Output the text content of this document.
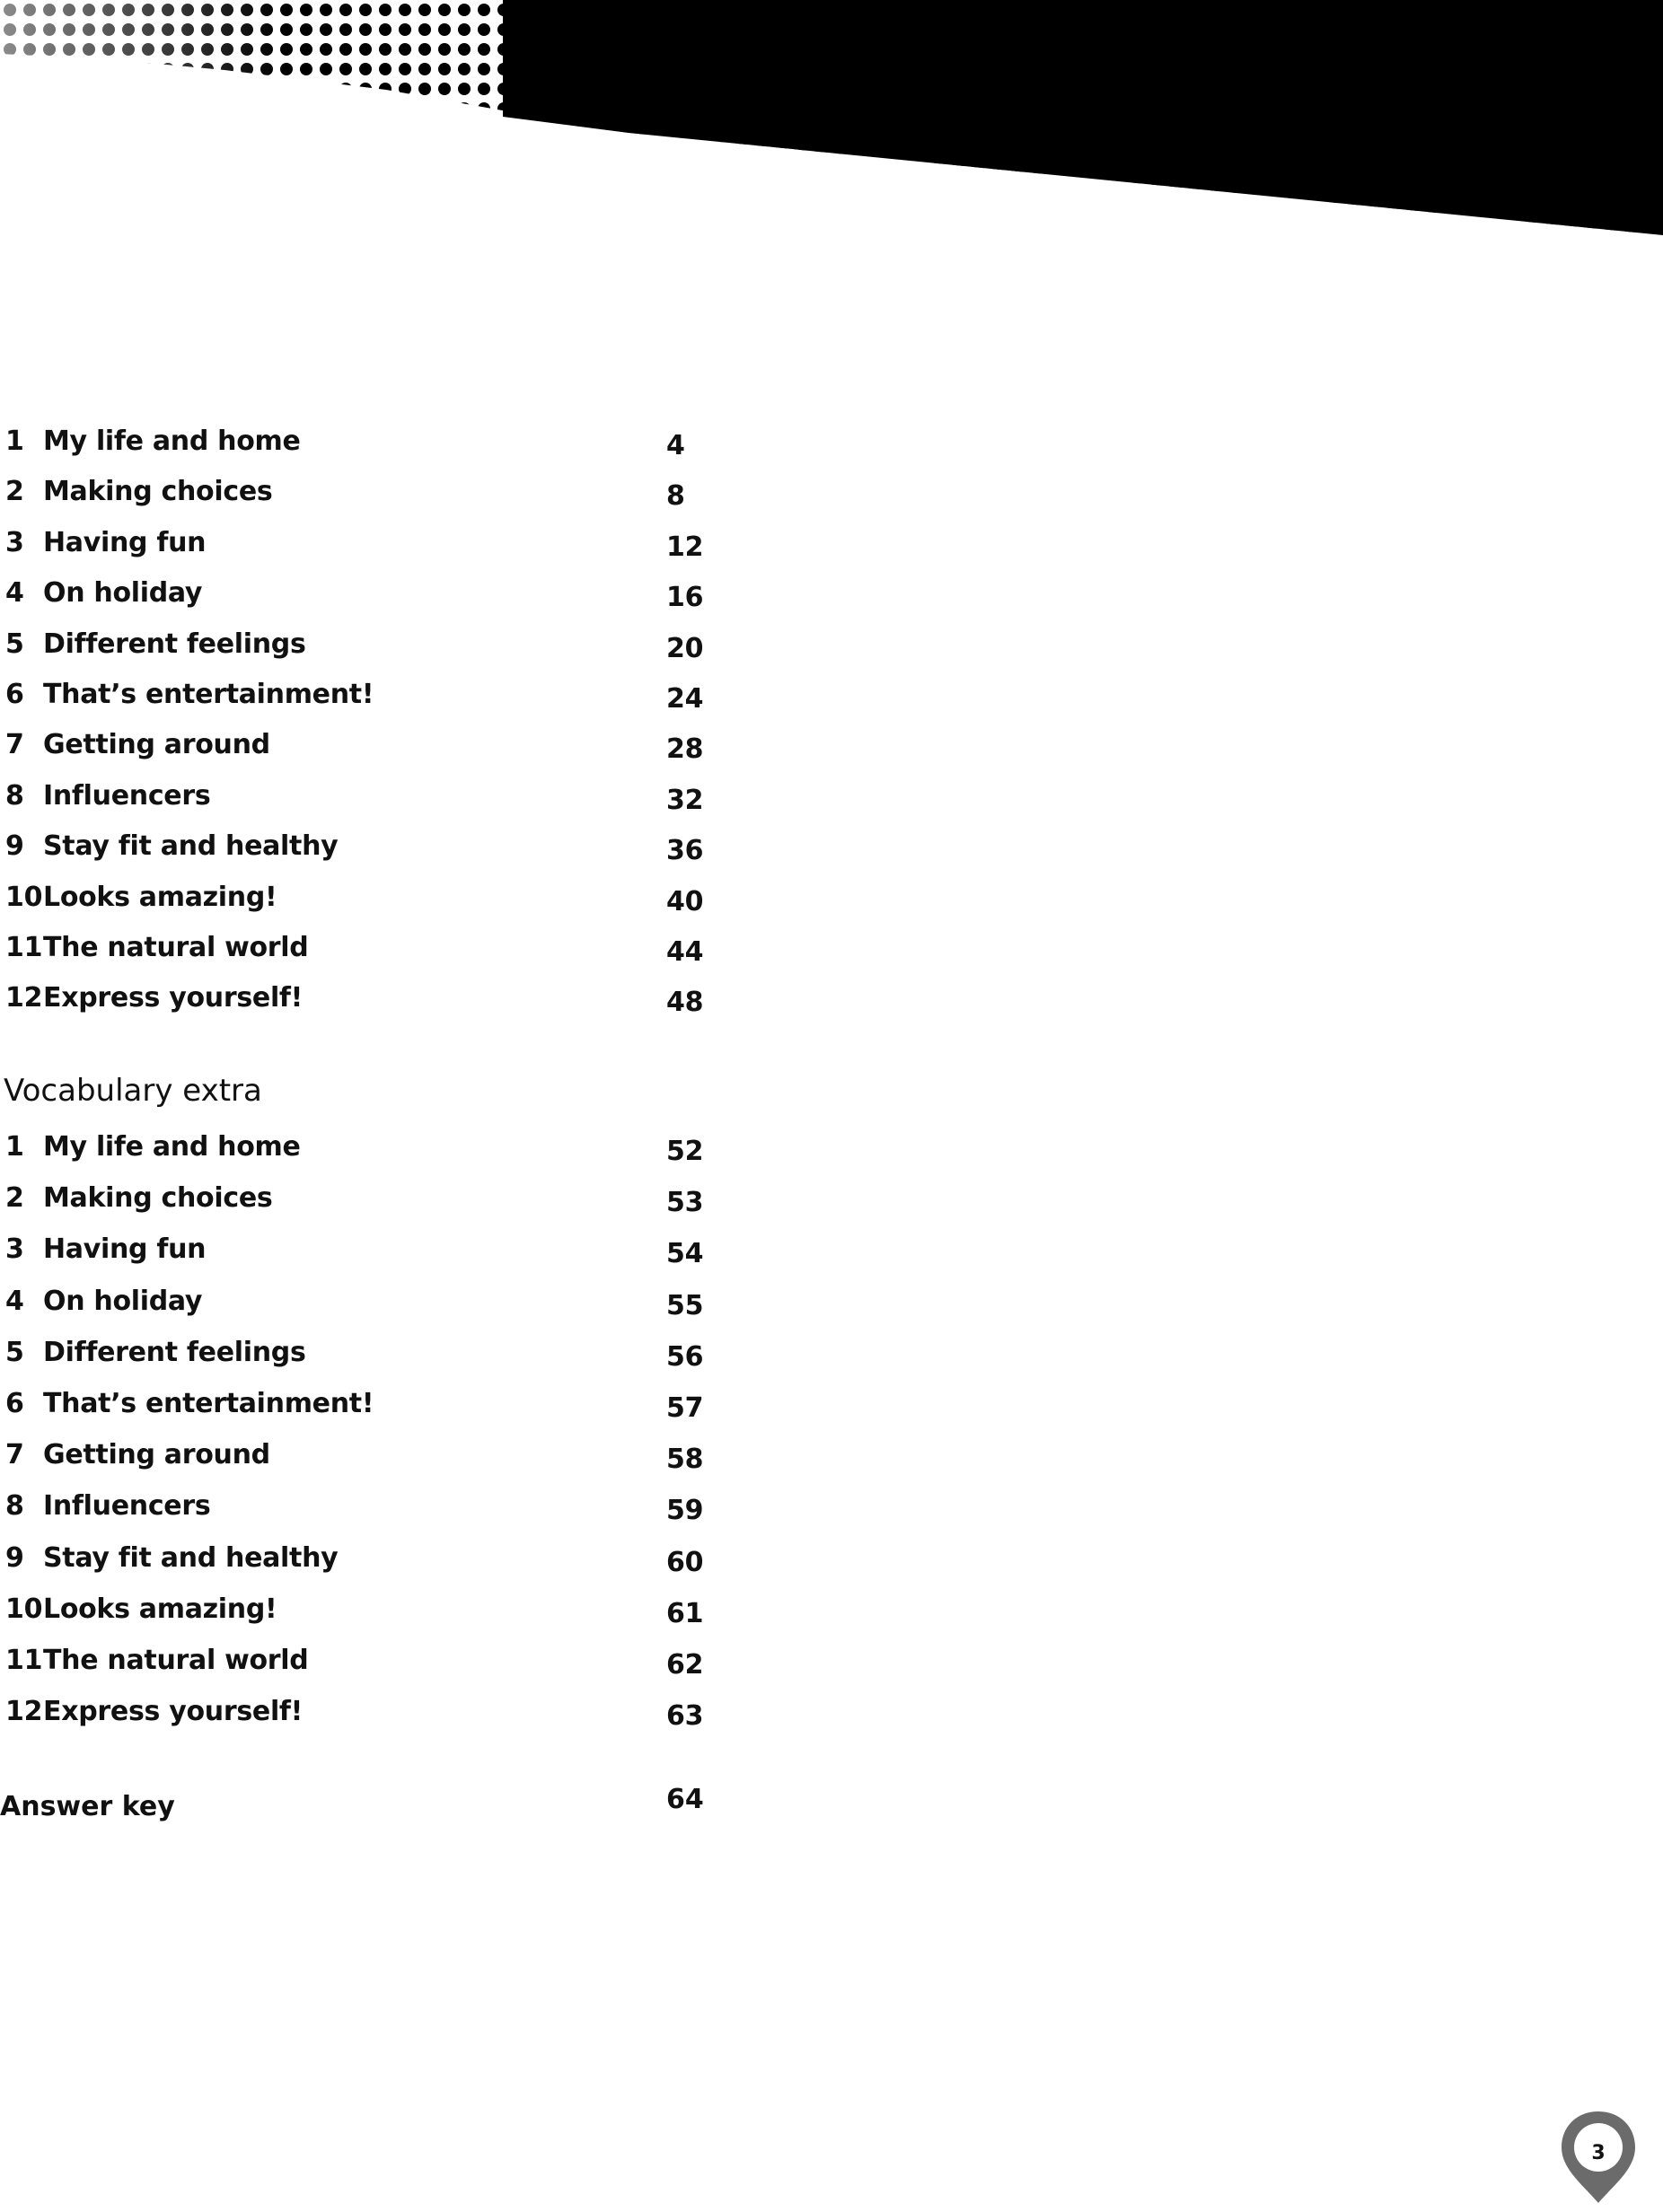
1 My life and home	4
2 Making choices	8
3 Having fun	12
4 On holiday	16
5 Different feelings	20
6 That’s entertainment!	24
7 Getting around	28
8 Influencers	32
9 Stay fit and healthy	36
10 Looks amazing!	40
11 The natural world	44
12 Express yourself!	48
Vocabulary extra
1 My life and home	52
2 Making choices	53
3 Having fun	54
4 On holiday	55
5 Different feelings	56
6 That’s entertainment!	57
7 Getting around	58
8 Influencers	59
9 Stay fit and healthy	60
10 Looks amazing!	61
11 The natural world	62
12 Express yourself!	63
Answer key	64
3
